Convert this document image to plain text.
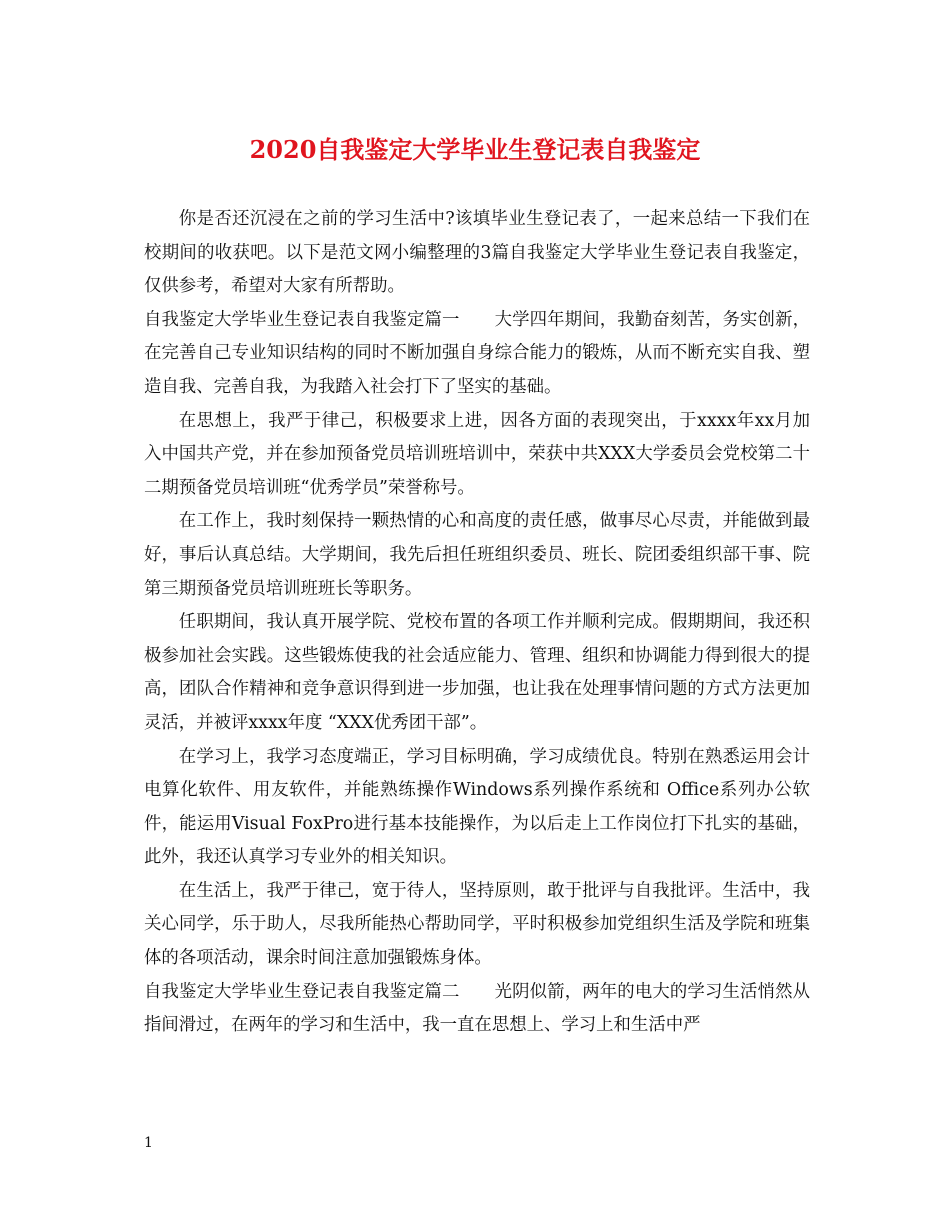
2020自我鉴定大学毕业生登记表自我鉴定

你是否还沉浸在之前的学习生活中?该填毕业生登记表了，一起来总结一下我们在校期间的收获吧。以下是范文网小编整理的3篇自我鉴定大学毕业生登记表自我鉴定，仅供参考，希望对大家有所帮助。

自我鉴定大学毕业生登记表自我鉴定篇一　　大学四年期间，我勤奋刻苦，务实创新，在完善自己专业知识结构的同时不断加强自身综合能力的锻炼，从而不断充实自我、塑造自我、完善自我，为我踏入社会打下了坚实的基础。

在思想上，我严于律己，积极要求上进，因各方面的表现突出，于xxxx年xx月加入中国共产党，并在参加预备党员培训班培训中，荣获中共XXX大学委员会党校第二十二期预备党员培训班“优秀学员”荣誉称号。

在工作上，我时刻保持一颗热情的心和高度的责任感，做事尽心尽责，并能做到最好，事后认真总结。大学期间，我先后担任班组织委员、班长、院团委组织部干事、院第三期预备党员培训班班长等职务。

任职期间，我认真开展学院、党校布置的各项工作并顺利完成。假期期间，我还积极参加社会实践。这些锻炼使我的社会适应能力、管理、组织和协调能力得到很大的提高，团队合作精神和竞争意识得到进一步加强，也让我在处理事情问题的方式方法更加灵活，并被评xxxx年度 “XXX优秀团干部”。

在学习上，我学习态度端正，学习目标明确，学习成绩优良。特别在熟悉运用会计电算化软件、用友软件，并能熟练操作Windows系列操作系统和 Office系列办公软件，能运用Visual FoxPro进行基本技能操作，为以后走上工作岗位打下扎实的基础，此外，我还认真学习专业外的相关知识。

在生活上，我严于律己，宽于待人，坚持原则，敢于批评与自我批评。生活中，我关心同学，乐于助人，尽我所能热心帮助同学，平时积极参加党组织生活及学院和班集体的各项活动，课余时间注意加强锻炼身体。

自我鉴定大学毕业生登记表自我鉴定篇二　　光阴似箭，两年的电大的学习生活悄然从指间滑过，在两年的学习和生活中，我一直在思想上、学习上和生活中严

1
